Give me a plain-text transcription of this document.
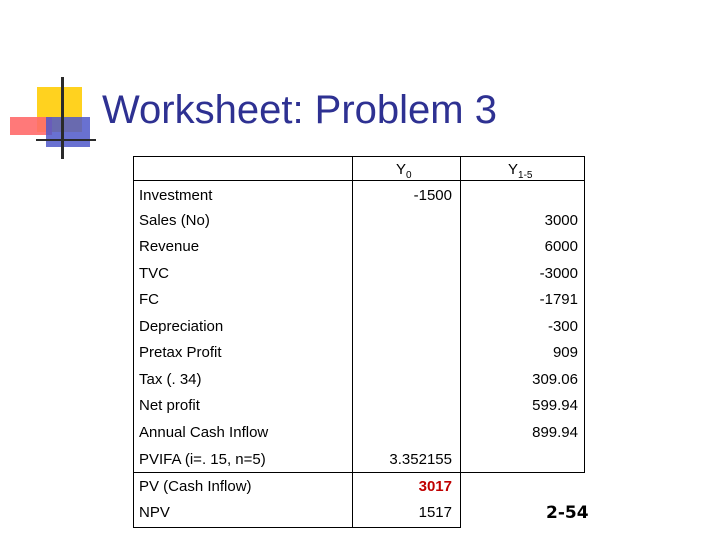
Worksheet: Problem 3
$Y_0$	$Y_{1-5}$
Investment
Sales (No)
Revenue
TVC
FC
Depreciation
Pretax Profit
Tax (. 34)
Net profit
Annual Cash Inflow
PVIFA (i=. 15, n=5)
PV (Cash Inflow)
NPV
-1500
3.352155
3017
1517
3000
6000
-3000
-1791
-300
909
309.06
599.94
899.94
2-54
